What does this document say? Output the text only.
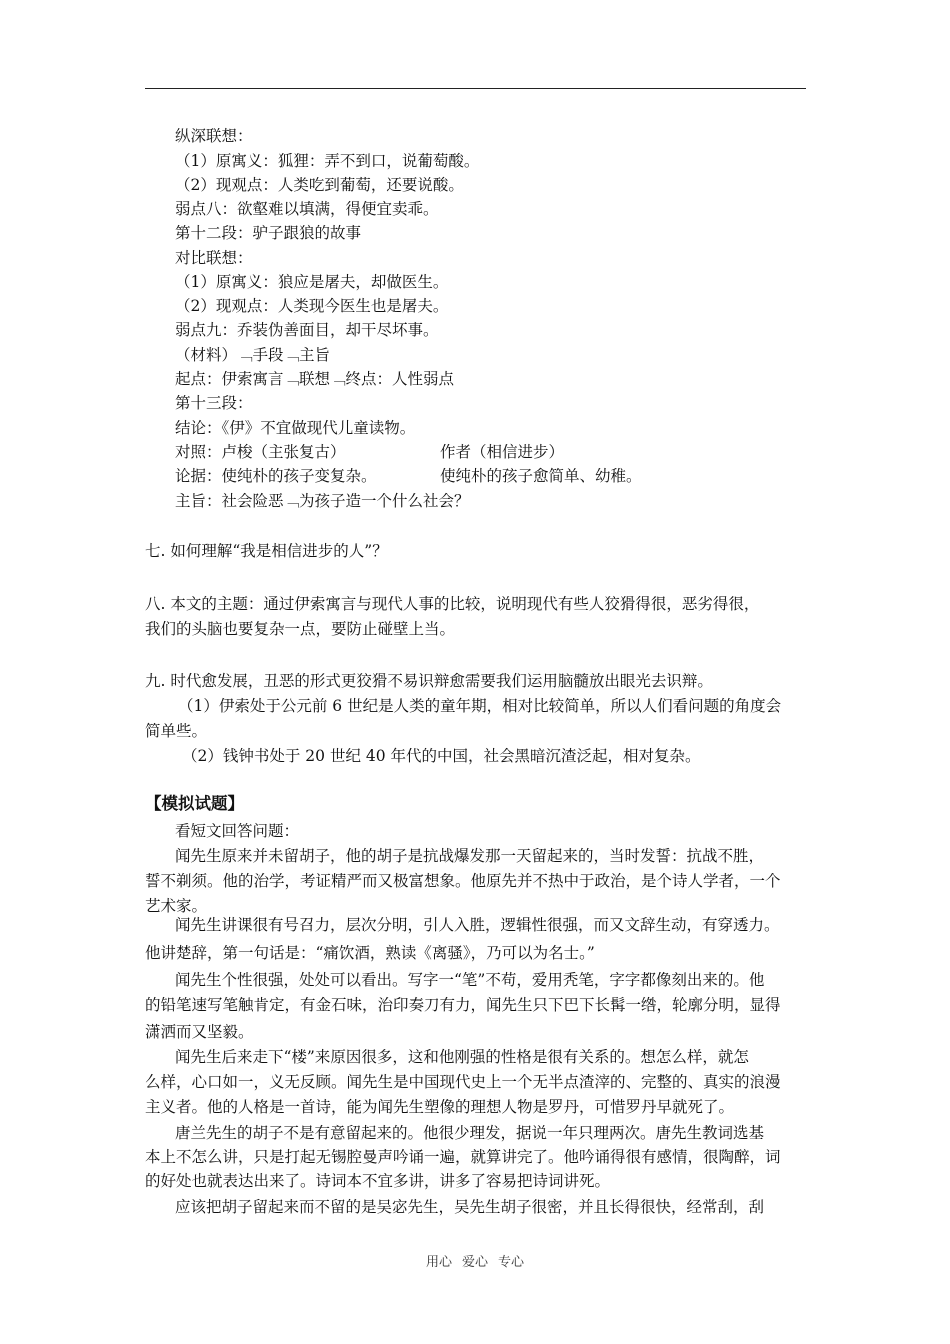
纵深联想：
（1）原寓义：狐狸：弄不到口，说葡萄酸。
（2）现观点：人类吃到葡萄，还要说酸。
弱点八：欲壑难以填满，得便宜卖乖。
第十二段：驴子跟狼的故事
对比联想：
（1）原寓义：狼应是屠夫，却做医生。
（2）现观点：人类现今医生也是屠夫。
弱点九：乔装伪善面目，却干尽坏事。
（材料）﹁手段﹁主旨
起点：伊索寓言﹁联想﹁终点：人性弱点
第十三段：
结论：《伊》不宜做现代儿童读物。
对照：卢梭（主张复古）	作者（相信进步）
论据：使纯朴的孩子变复杂。	使纯朴的孩子愈简单、幼稚。
主旨：社会险恶﹁为孩子造一个什么社会？
七. 如何理解“我是相信进步的人”？
八. 本文的主题：通过伊索寓言与现代人事的比较，说明现代有些人狡猾得很，恶劣得很，
我们的头脑也要复杂一点，要防止碰壁上当。
九. 时代愈发展，丑恶的形式更狡猾不易识辩愈需要我们运用脑髓放出眼光去识辩。
（1）伊索处于公元前 6 世纪是人类的童年期，相对比较简单，所以人们看问题的角度会
简单些。
（2）钱钟书处于 20 世纪 40 年代的中国，社会黑暗沉渣泛起，相对复杂。
【模拟试题】
看短文回答问题：
闻先生原来并未留胡子，他的胡子是抗战爆发那一天留起来的，当时发誓：抗战不胜，
誓不剃须。他的治学，考证精严而又极富想象。他原先并不热中于政治，是个诗人学者，一个
艺术家。
闻先生讲课很有号召力，层次分明，引人入胜，逻辑性很强，而又文辞生动，有穿透力。
他讲楚辞，第一句话是：“痛饮酒，熟读《离骚》，乃可以为名士。”
闻先生个性很强，处处可以看出。写字一“笔”不苟，爱用秃笔，字字都像刻出来的。他
的铅笔速写笔触肯定，有金石味，治印奏刀有力，闻先生只下巴下长髯一绺，轮廓分明，显得
潇洒而又坚毅。
闻先生后来走下“楼”来原因很多，这和他刚强的性格是很有关系的。想怎么样，就怎
么样，心口如一，义无反顾。闻先生是中国现代史上一个无半点渣滓的、完整的、真实的浪漫
主义者。他的人格是一首诗，能为闻先生塑像的理想人物是罗丹，可惜罗丹早就死了。
唐兰先生的胡子不是有意留起来的。他很少理发，据说一年只理两次。唐先生教词选基
本上不怎么讲，只是打起无锡腔曼声吟诵一遍，就算讲完了。他吟诵得很有感情，很陶醉，词
的好处也就表达出来了。诗词本不宜多讲，讲多了容易把诗词讲死。
应该把胡子留起来而不留的是吴宓先生，吴先生胡子很密，并且长得很快，经常刮，刮
用心 爱心 专心
